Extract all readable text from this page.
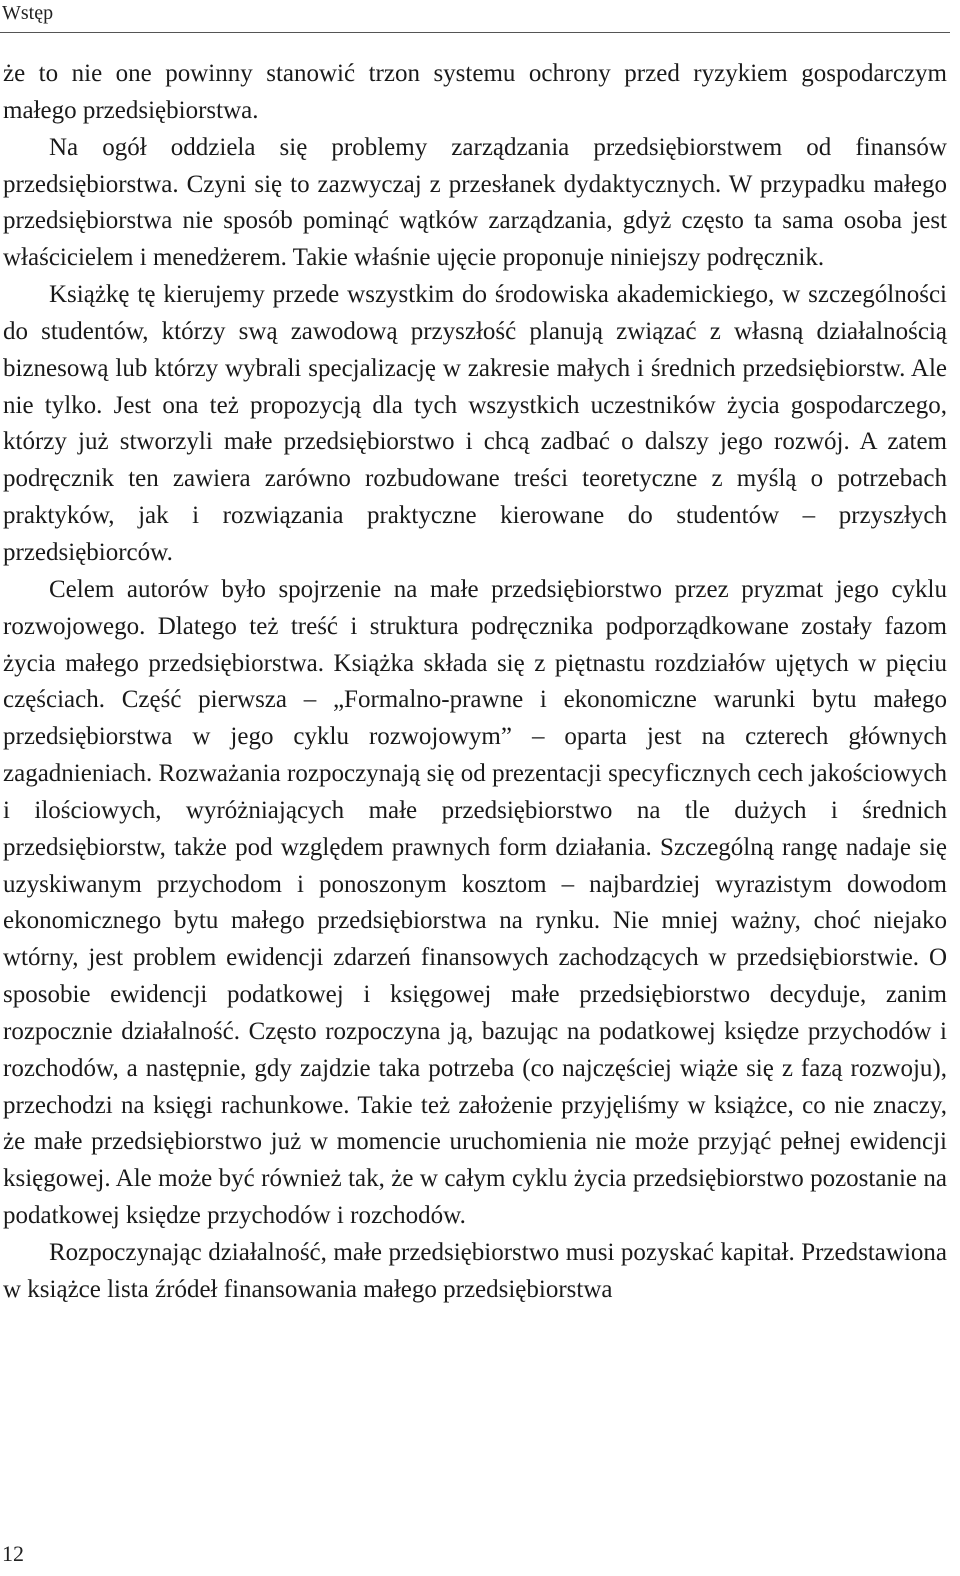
Wstęp

że to nie one powinny stanowić trzon systemu ochrony przed ryzykiem gospodarczym małego przedsiębiorstwa.

Na ogół oddziela się problemy zarządzania przedsiębiorstwem od finansów przedsiębiorstwa. Czyni się to zazwyczaj z przesłanek dydaktycznych. W przypadku małego przedsiębiorstwa nie sposób pominąć wątków zarządzania, gdyż często ta sama osoba jest właścicielem i menedżerem. Takie właśnie ujęcie proponuje niniejszy podręcznik.

Książkę tę kierujemy przede wszystkim do środowiska akademickiego, w szczególności do studentów, którzy swą zawodową przyszłość planują związać z własną działalnością biznesową lub którzy wybrali specjalizację w zakresie małych i średnich przedsiębiorstw. Ale nie tylko. Jest ona też propozycją dla tych wszystkich uczestników życia gospodarczego, którzy już stworzyli małe przedsiębiorstwo i chcą zadbać o dalszy jego rozwój. A zatem podręcznik ten zawiera zarówno rozbudowane treści teoretyczne z myślą o potrzebach praktyków, jak i rozwiązania praktyczne kierowane do studentów – przyszłych przedsiębiorców.

Celem autorów było spojrzenie na małe przedsiębiorstwo przez pryzmat jego cyklu rozwojowego. Dlatego też treść i struktura podręcznika podporządkowane zostały fazom życia małego przedsiębiorstwa. Książka składa się z piętnastu rozdziałów ujętych w pięciu częściach. Część pierwsza – „Formalno-prawne i ekonomiczne warunki bytu małego przedsiębiorstwa w jego cyklu rozwojowym” – oparta jest na czterech głównych zagadnieniach. Rozważania rozpoczynają się od prezentacji specyficznych cech jakościowych i ilościowych, wyróżniających małe przedsiębiorstwo na tle dużych i średnich przedsiębiorstw, także pod względem prawnych form działania. Szczególną rangę nadaje się uzyskiwanym przychodom i ponoszonym kosztom – najbardziej wyrazistym dowodom ekonomicznego bytu małego przedsiębiorstwa na rynku. Nie mniej ważny, choć niejako wtórny, jest problem ewidencji zdarzeń finansowych zachodzących w przedsiębiorstwie. O sposobie ewidencji podatkowej i księgowej małe przedsiębiorstwo decyduje, zanim rozpocznie działalność. Często rozpoczyna ją, bazując na podatkowej księdze przychodów i rozchodów, a następnie, gdy zajdzie taka potrzeba (co najczęściej wiąże się z fazą rozwoju), przechodzi na księgi rachunkowe. Takie też założenie przyjęliśmy w książce, co nie znaczy, że małe przedsiębiorstwo już w momencie uruchomienia nie może przyjąć pełnej ewidencji księgowej. Ale może być również tak, że w całym cyklu życia przedsiębiorstwo pozostanie na podatkowej księdze przychodów i rozchodów.

Rozpoczynając działalność, małe przedsiębiorstwo musi pozyskać kapitał. Przedstawiona w książce lista źródeł finansowania małego przedsiębiorstwa

12
